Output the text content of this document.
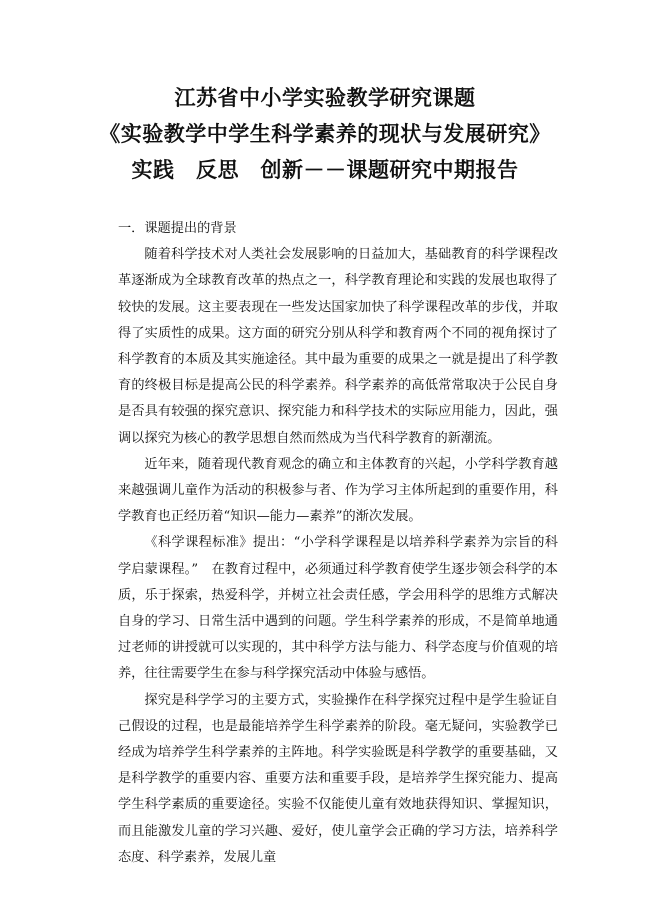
江苏省中小学实验教学研究课题
《实验教学中学生科学素养的现状与发展研究》
实践　反思　创新－－课题研究中期报告

一．课题提出的背景

随着科学技术对人类社会发展影响的日益加大，基础教育的科学课程改革逐渐成为全球教育改革的热点之一，科学教育理论和实践的发展也取得了较快的发展。这主要表现在一些发达国家加快了科学课程改革的步伐，并取得了实质性的成果。这方面的研究分别从科学和教育两个不同的视角探讨了科学教育的本质及其实施途径。其中最为重要的成果之一就是提出了科学教育的终极目标是提高公民的科学素养。科学素养的高低常常取决于公民自身是否具有较强的探究意识、探究能力和科学技术的实际应用能力，因此，强调以探究为核心的教学思想自然而然成为当代科学教育的新潮流。

近年来，随着现代教育观念的确立和主体教育的兴起，小学科学教育越来越强调儿童作为活动的积极参与者、作为学习主体所起到的重要作用，科学教育也正经历着“知识—能力—素养”的渐次发展。

《科学课程标准》提出：“小学科学课程是以培养科学素养为宗旨的科学启蒙课程。”　在教育过程中，必须通过科学教育使学生逐步领会科学的本质，乐于探索，热爱科学，并树立社会责任感，学会用科学的思维方式解决自身的学习、日常生活中遇到的问题。学生科学素养的形成，不是简单地通过老师的讲授就可以实现的，其中科学方法与能力、科学态度与价值观的培养，往往需要学生在参与科学探究活动中体验与感悟。

探究是科学学习的主要方式，实验操作在科学探究过程中是学生验证自己假设的过程，也是最能培养学生科学素养的阶段。毫无疑问，实验教学已经成为培养学生科学素养的主阵地。科学实验既是科学教学的重要基础，又是科学教学的重要内容、重要方法和重要手段，是培养学生探究能力、提高学生科学素质的重要途径。实验不仅能使儿童有效地获得知识、掌握知识，而且能激发儿童的学习兴趣、爱好，使儿童学会正确的学习方法，培养科学态度、科学素养，发展儿童
